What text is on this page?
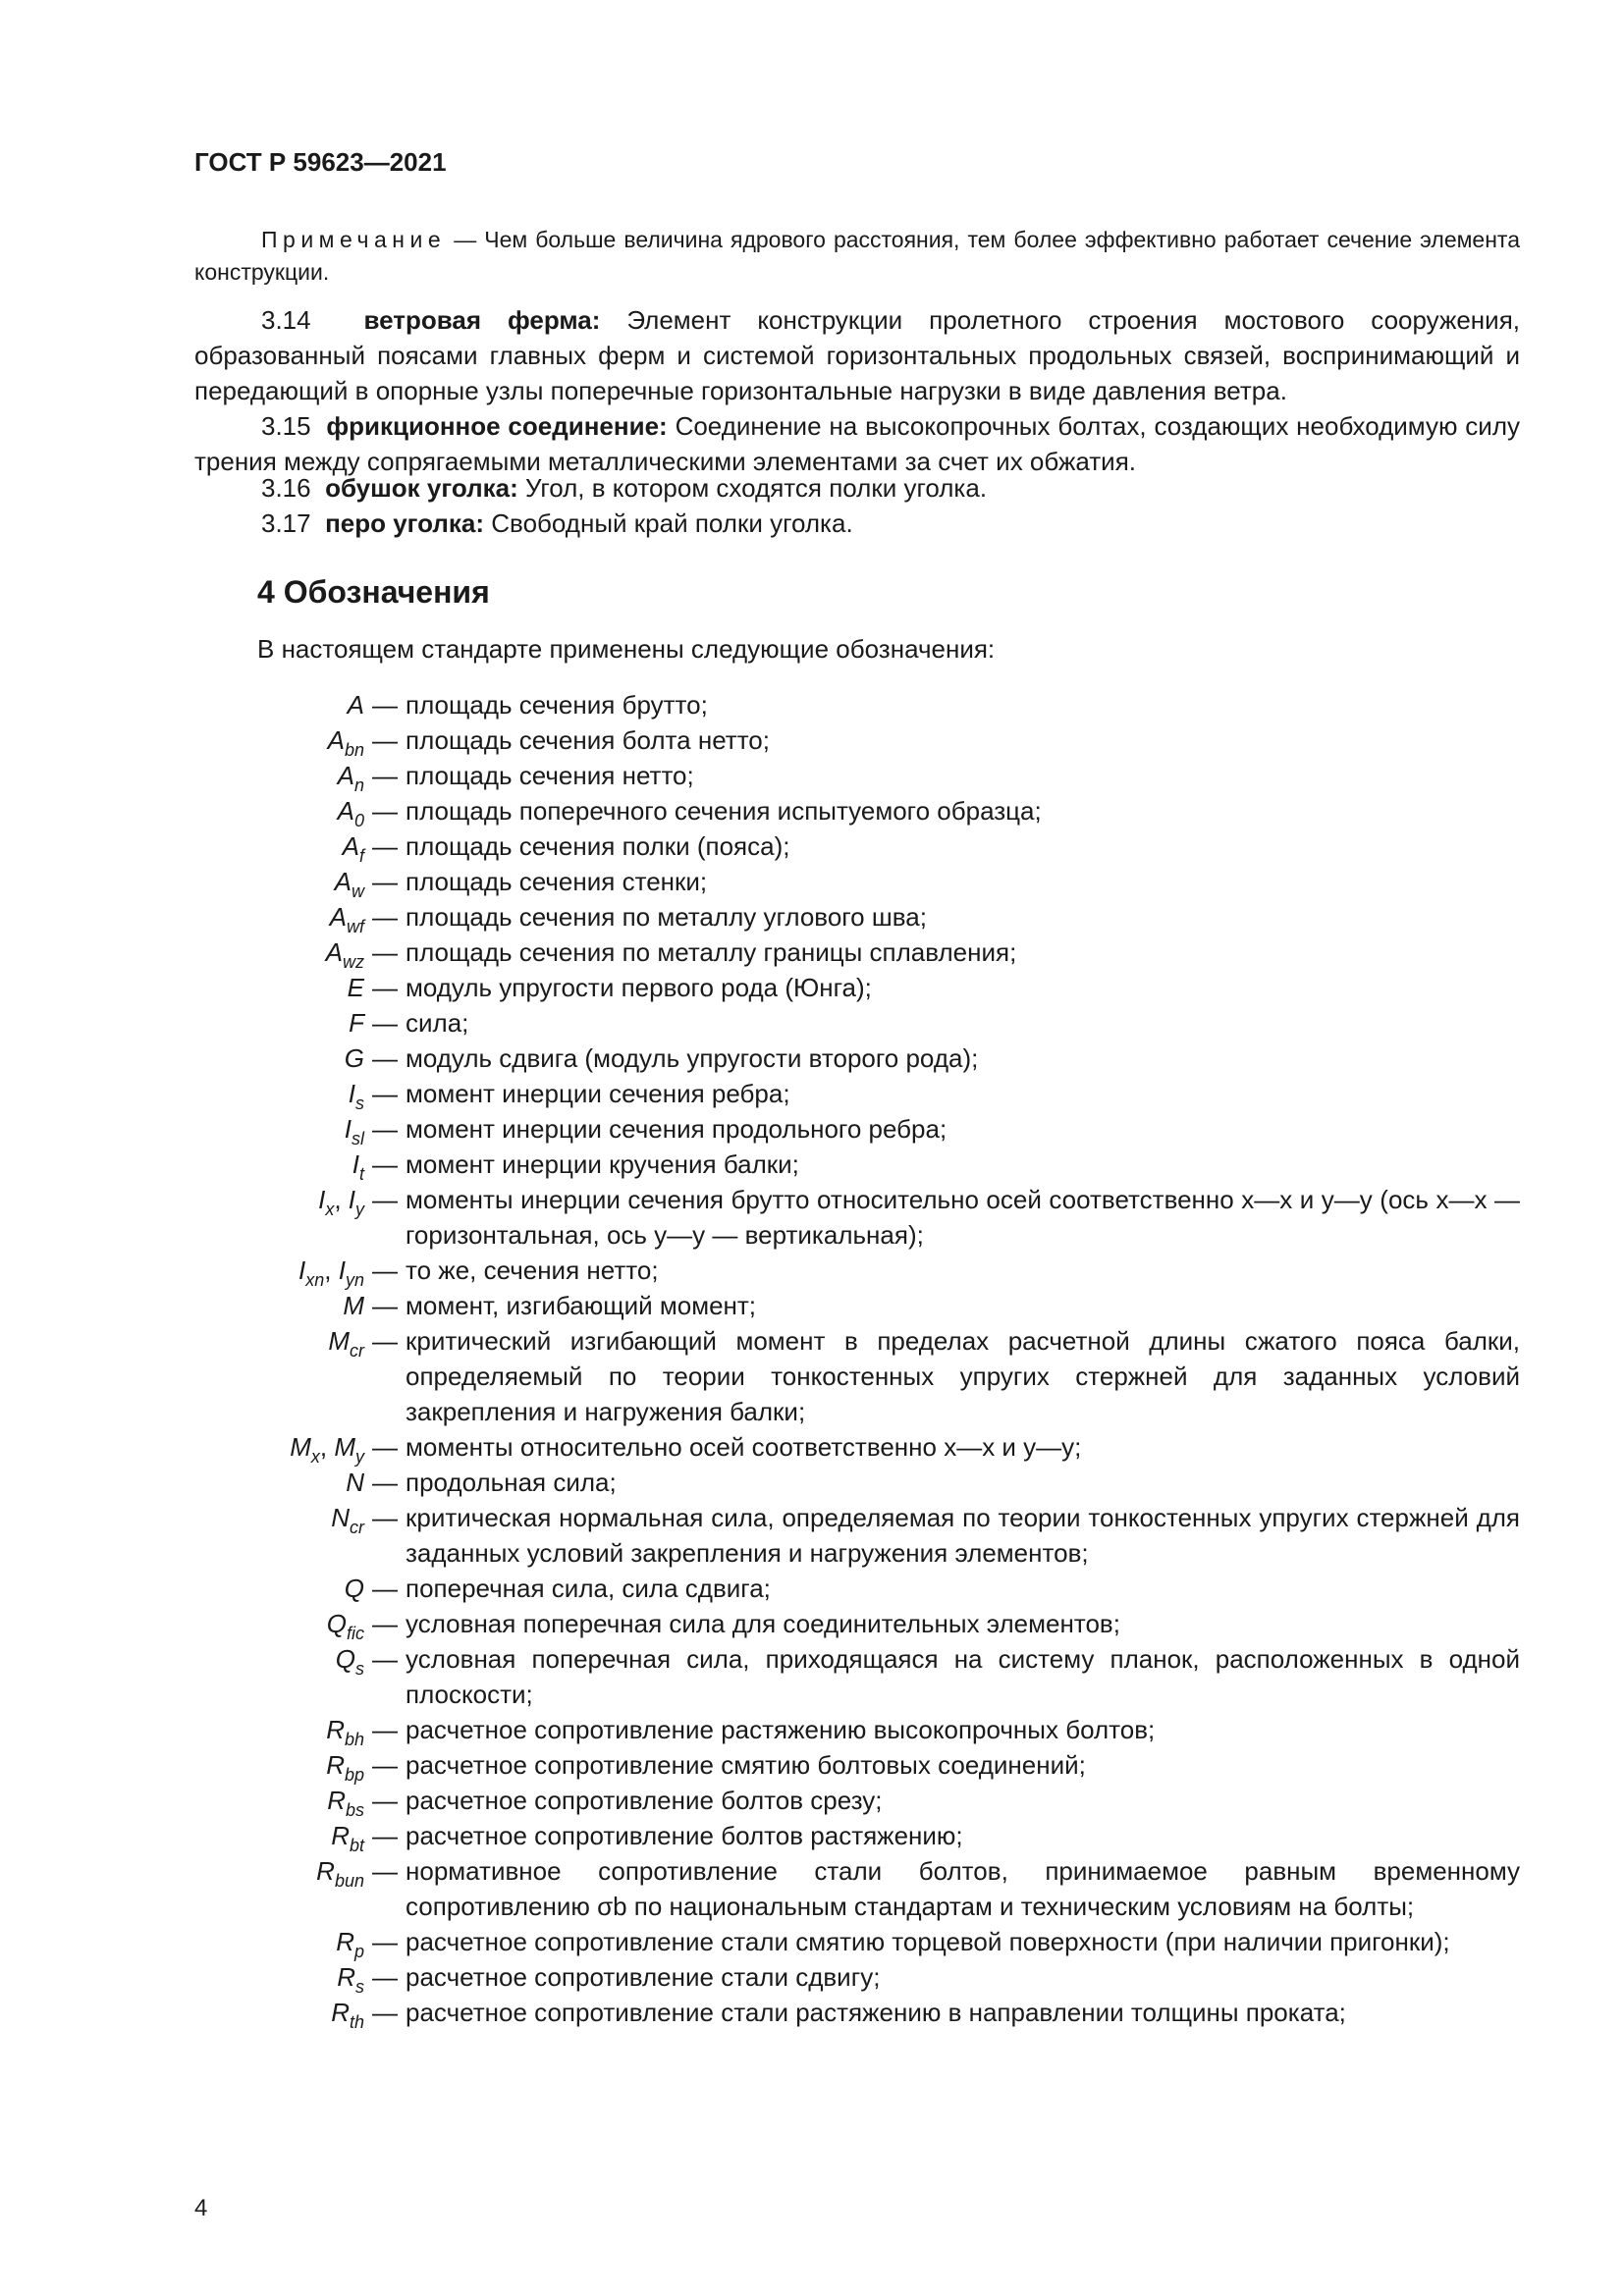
ГОСТ Р 59623—2021
Примечание — Чем больше величина ядрового расстояния, тем более эффективно работает сечение элемента конструкции.
3.14 ветровая ферма: Элемент конструкции пролетного строения мостового сооружения, образованный поясами главных ферм и системой горизонтальных продольных связей, воспринимающий и передающий в опорные узлы поперечные горизонтальные нагрузки в виде давления ветра.
3.15 фрикционное соединение: Соединение на высокопрочных болтах, создающих необходимую силу трения между сопрягаемыми металлическими элементами за счет их обжатия.
3.16 обушок уголка: Угол, в котором сходятся полки уголка.
3.17 перо уголка: Свободный край полки уголка.
4 Обозначения
В настоящем стандарте применены следующие обозначения:
A — площадь сечения брутто;
$A_{bn}$ — площадь сечения болта нетто;
$A_n$ — площадь сечения нетто;
$A_0$ — площадь поперечного сечения испытуемого образца;
$A_f$ — площадь сечения полки (пояса);
$A_w$ — площадь сечения стенки;
$A_{wf}$ — площадь сечения по металлу углового шва;
$A_{wz}$ — площадь сечения по металлу границы сплавления;
E — модуль упругости первого рода (Юнга);
F — сила;
G — модуль сдвига (модуль упругости второго рода);
$I_s$ — момент инерции сечения ребра;
$I_{sl}$ — момент инерции сечения продольного ребра;
$I_t$ — момент инерции кручения балки;
$I_x$, $I_y$ — моменты инерции сечения брутто относительно осей соответственно x—x и y—y (ось x—x — горизонтальная, ось y—y — вертикальная);
$I_{xn}$, $I_{yn}$ — то же, сечения нетто;
M — момент, изгибающий момент;
$M_{cr}$ — критический изгибающий момент в пределах расчетной длины сжатого пояса балки, определяемый по теории тонкостенных упругих стержней для заданных условий закрепления и нагружения балки;
$M_x$, $M_y$ — моменты относительно осей соответственно x—x и y—y;
N — продольная сила;
$N_{cr}$ — критическая нормальная сила, определяемая по теории тонкостенных упругих стержней для заданных условий закрепления и нагружения элементов;
Q — поперечная сила, сила сдвига;
$Q_{fic}$ — условная поперечная сила для соединительных элементов;
$Q_s$ — условная поперечная сила, приходящаяся на систему планок, расположенных в одной плоскости;
$R_{bh}$ — расчетное сопротивление растяжению высокопрочных болтов;
$R_{bp}$ — расчетное сопротивление смятию болтовых соединений;
$R_{bs}$ — расчетное сопротивление болтов срезу;
$R_{bt}$ — расчетное сопротивление болтов растяжению;
$R_{bun}$ — нормативное сопротивление стали болтов, принимаемое равным временному сопротивлению σb по национальным стандартам и техническим условиям на болты;
$R_p$ — расчетное сопротивление стали смятию торцевой поверхности (при наличии пригонки);
$R_s$ — расчетное сопротивление стали сдвигу;
$R_{th}$ — расчетное сопротивление стали растяжению в направлении толщины проката;
4
